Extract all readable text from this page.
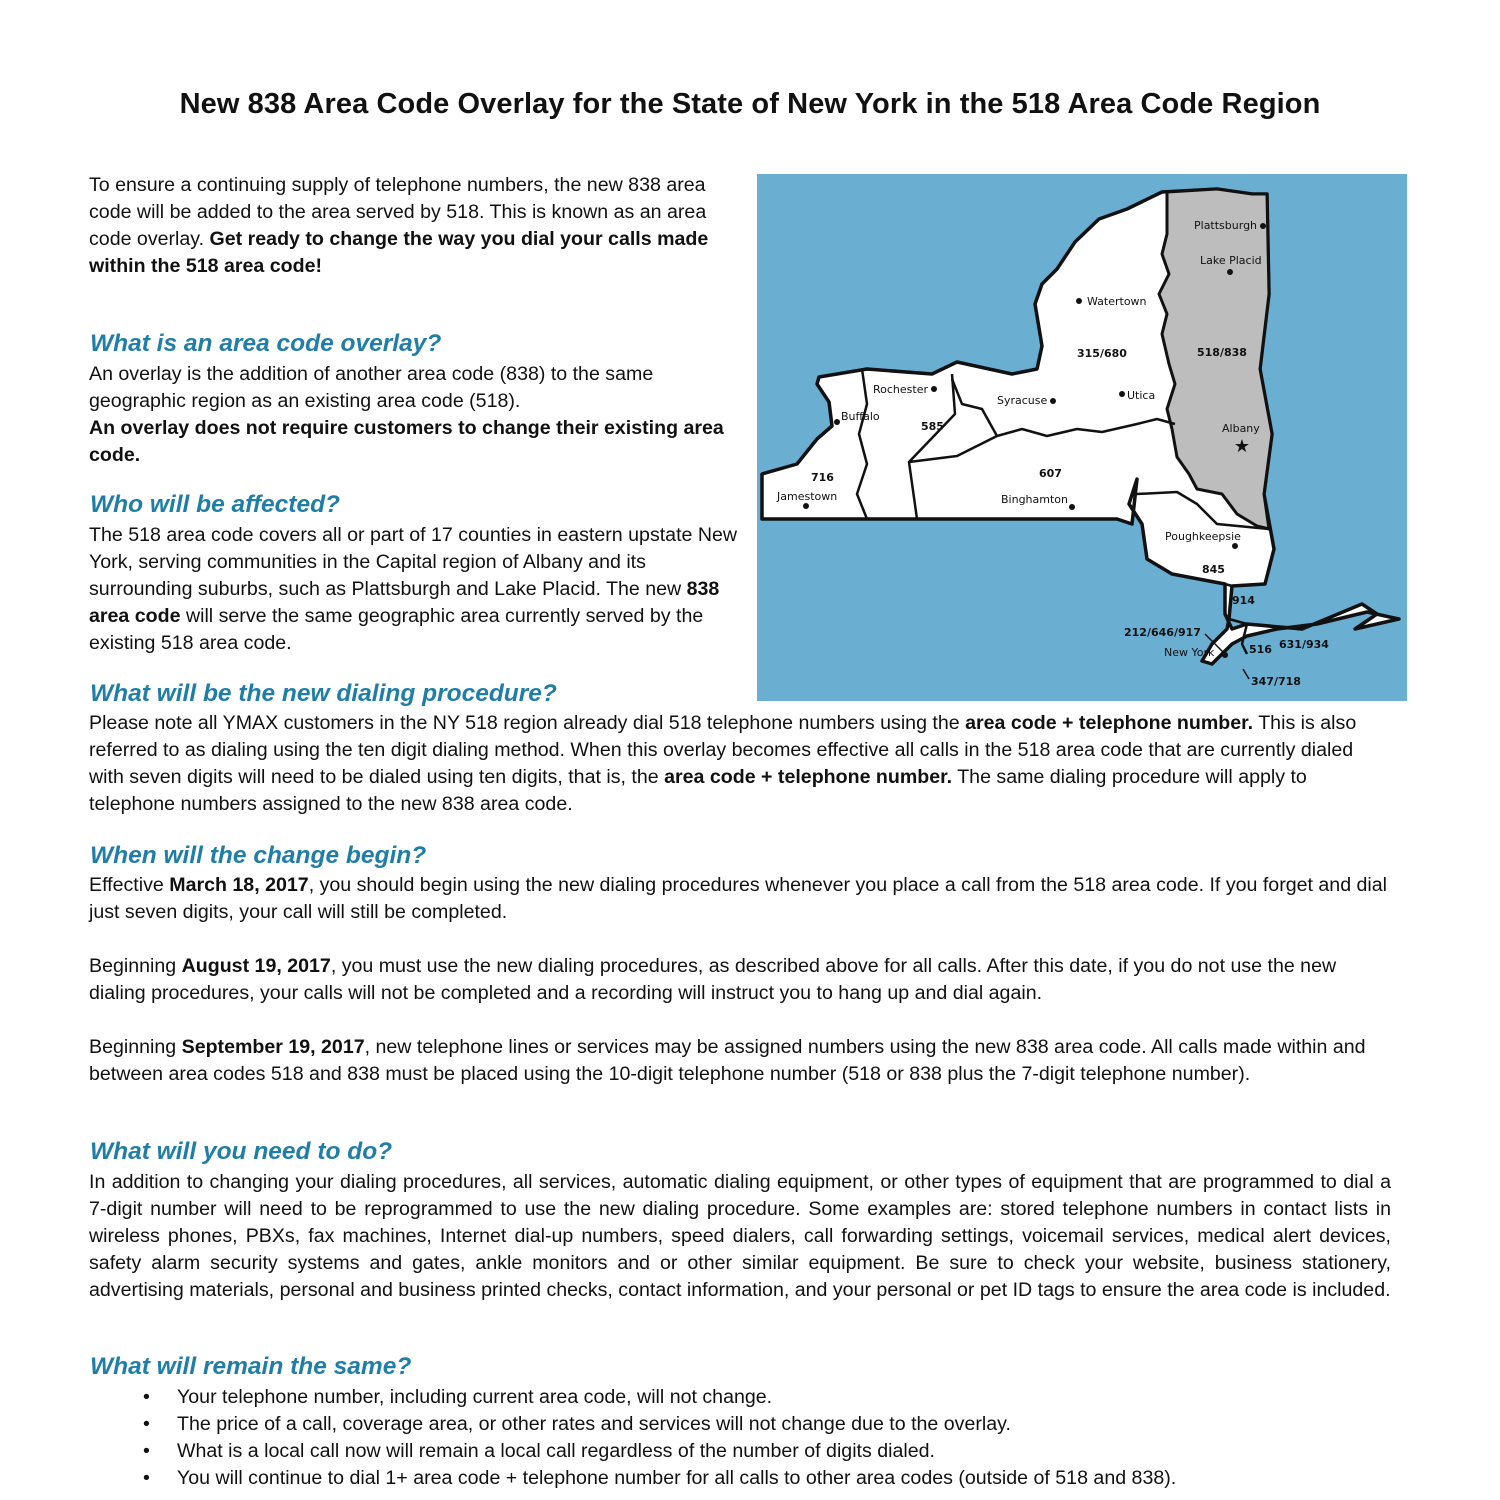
New 838 Area Code Overlay for the State of New York in the 518 Area Code Region
To ensure a continuing supply of telephone numbers, the new 838 area code will be added to the area served by 518. This is known as an area code overlay. Get ready to change the way you dial your calls made within the 518 area code!
What is an area code overlay?
An overlay is the addition of another area code (838) to the same geographic region as an existing area code (518).
An overlay does not require customers to change their existing area code.
Who will be affected?
The 518 area code covers all or part of 17 counties in eastern upstate New York, serving communities in the Capital region of Albany and its surrounding suburbs, such as Plattsburgh and Lake Placid. The new 838 area code will serve the same geographic area currently served by the existing 518 area code.
★
Plattsburgh
Lake Placid
Watertown
Rochester
Buffalo
Syracuse	Utica
Albany
Jamestown	Binghamton
Poughkeepsie
New York
315/680	518/838
585
716	607
845
914
212/646/917
516 631/934
347/718
What will be the new dialing procedure?
Please note all YMAX customers in the NY 518 region already dial 518 telephone numbers using the area code + telephone number. This is also referred to as dialing using the ten digit dialing method. When this overlay becomes effective all calls in the 518 area code that are currently dialed with seven digits will need to be dialed using ten digits, that is, the area code + telephone number. The same dialing procedure will apply to telephone numbers assigned to the new 838 area code.
When will the change begin?
Effective March 18, 2017, you should begin using the new dialing procedures whenever you place a call from the 518 area code. If you forget and dial just seven digits, your call will still be completed.
Beginning August 19, 2017, you must use the new dialing procedures, as described above for all calls. After this date, if you do not use the new dialing procedures, your calls will not be completed and a recording will instruct you to hang up and dial again.
Beginning September 19, 2017, new telephone lines or services may be assigned numbers using the new 838 area code. All calls made within and between area codes 518 and 838 must be placed using the 10-digit telephone number (518 or 838 plus the 7-digit telephone number).
What will you need to do?
In addition to changing your dialing procedures, all services, automatic dialing equipment, or other types of equipment that are programmed to dial a 7-digit number will need to be reprogrammed to use the new dialing procedure. Some examples are: stored telephone numbers in contact lists in wireless phones, PBXs, fax machines, Internet dial-up numbers, speed dialers, call forwarding settings, voicemail services, medical alert devices, safety alarm security systems and gates, ankle monitors and or other similar equipment. Be sure to check your website, business stationery, advertising materials, personal and business printed checks, contact information, and your personal or pet ID tags to ensure the area code is included.
What will remain the same?
•	Your telephone number, including current area code, will not change.
•	The price of a call, coverage area, or other rates and services will not change due to the overlay.
•	What is a local call now will remain a local call regardless of the number of digits dialed.
•	You will continue to dial 1+ area code + telephone number for all calls to other area codes (outside of 518 and 838).
